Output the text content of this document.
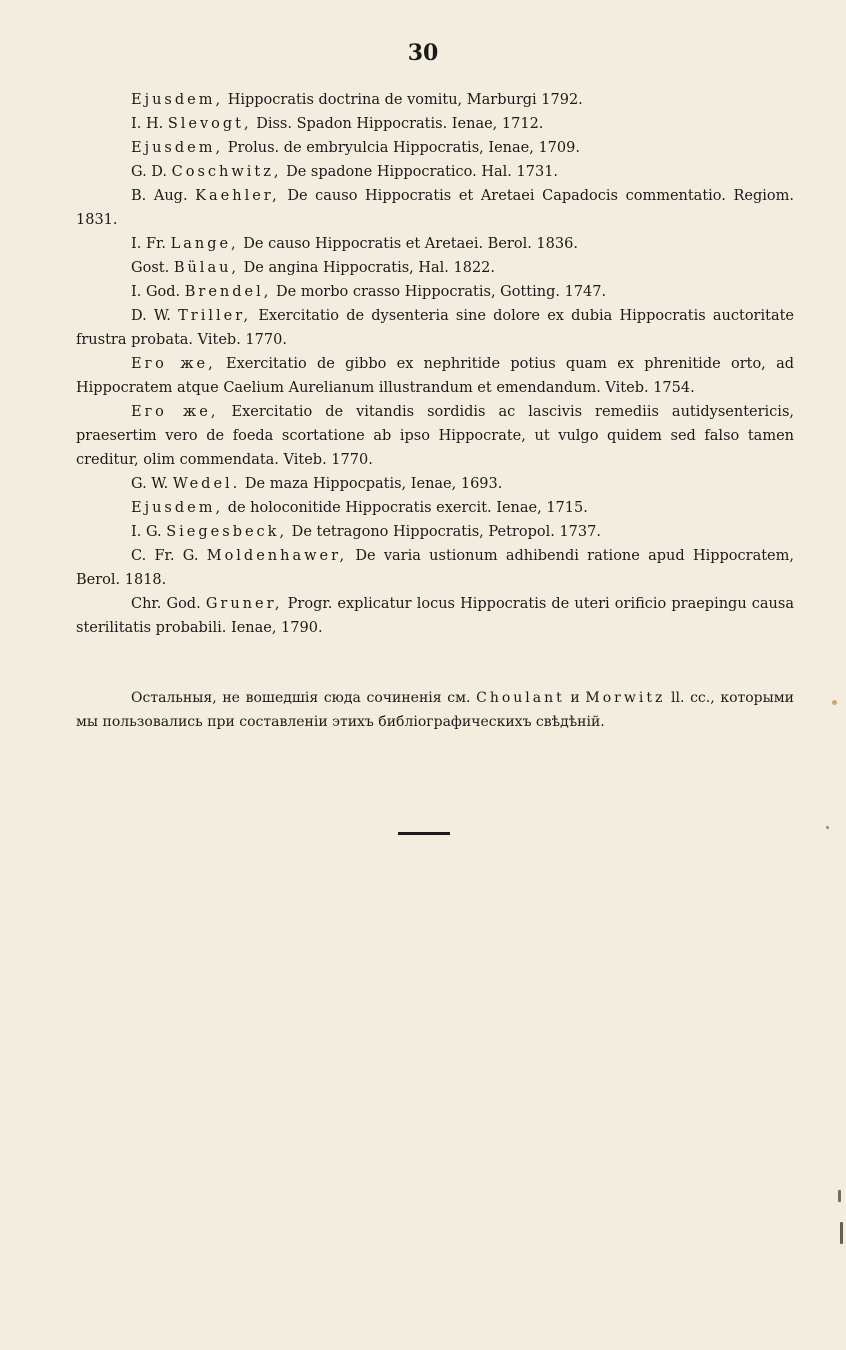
30

Ejusdem, Hippocratis doctrina de vomitu, Marburgi 1792.

I. H. Slevogt, Diss. Spadon Hippocratis. Ienae, 1712.

Ejusdem, Prolus. de embryulcia Hippocratis, Ienae, 1709.

G. D. Coschwitz, De spadone Hippocratico. Hal. 1731.

B. Aug. Kaehler, De causo Hippocratis et Aretaei Capadocis commentatio. Regiom. 1831.

I. Fr. Lange, De causo Hippocratis et Aretaei. Berol. 1836.

Gost. Bülau, De angina Hippocratis, Hal. 1822.

I. God. Brendel, De morbo crasso Hippocratis, Gotting. 1747.

D. W. Triller, Exercitatio de dysenteria sine dolore ex dubia Hippocratis auctoritate frustra probata. Viteb. 1770.

Его же, Exercitatio de gibbo ex nephritide potius quam ex phrenitide orto, ad Hippocratem atque Caelium Aurelianum illustrandum et emendandum. Viteb. 1754.

Его же, Exercitatio de vitandis sordidis ac lascivis remediis autidysentericis, praesertim vero de foeda scortatione ab ipso Hippocrate, ut vulgo quidem sed falso tamen creditur, olim commendata. Viteb. 1770.

G. W. Wedel. De maza Hippocpatis, Ienae, 1693.

Ejusdem, de holoconitide Hippocratis exercit. Ienae, 1715.

I. G. Siegesbeck, De tetragono Hippocratis, Petropol. 1737.

C. Fr. G. Moldenhawer, De varia ustionum adhibendi ratione apud Hippocratem, Berol. 1818.

Chr. God. Gruner, Progr. explicatur locus Hippocratis de uteri orificio praepingu causa sterilitatis probabili. Ienae, 1790.

Остальныя, не вошедшія сюда сочиненія см. Choulant и Morwitz ll. cc., которыми мы пользовались при составленіи этихъ библіографическихъ свѣдѣній.
